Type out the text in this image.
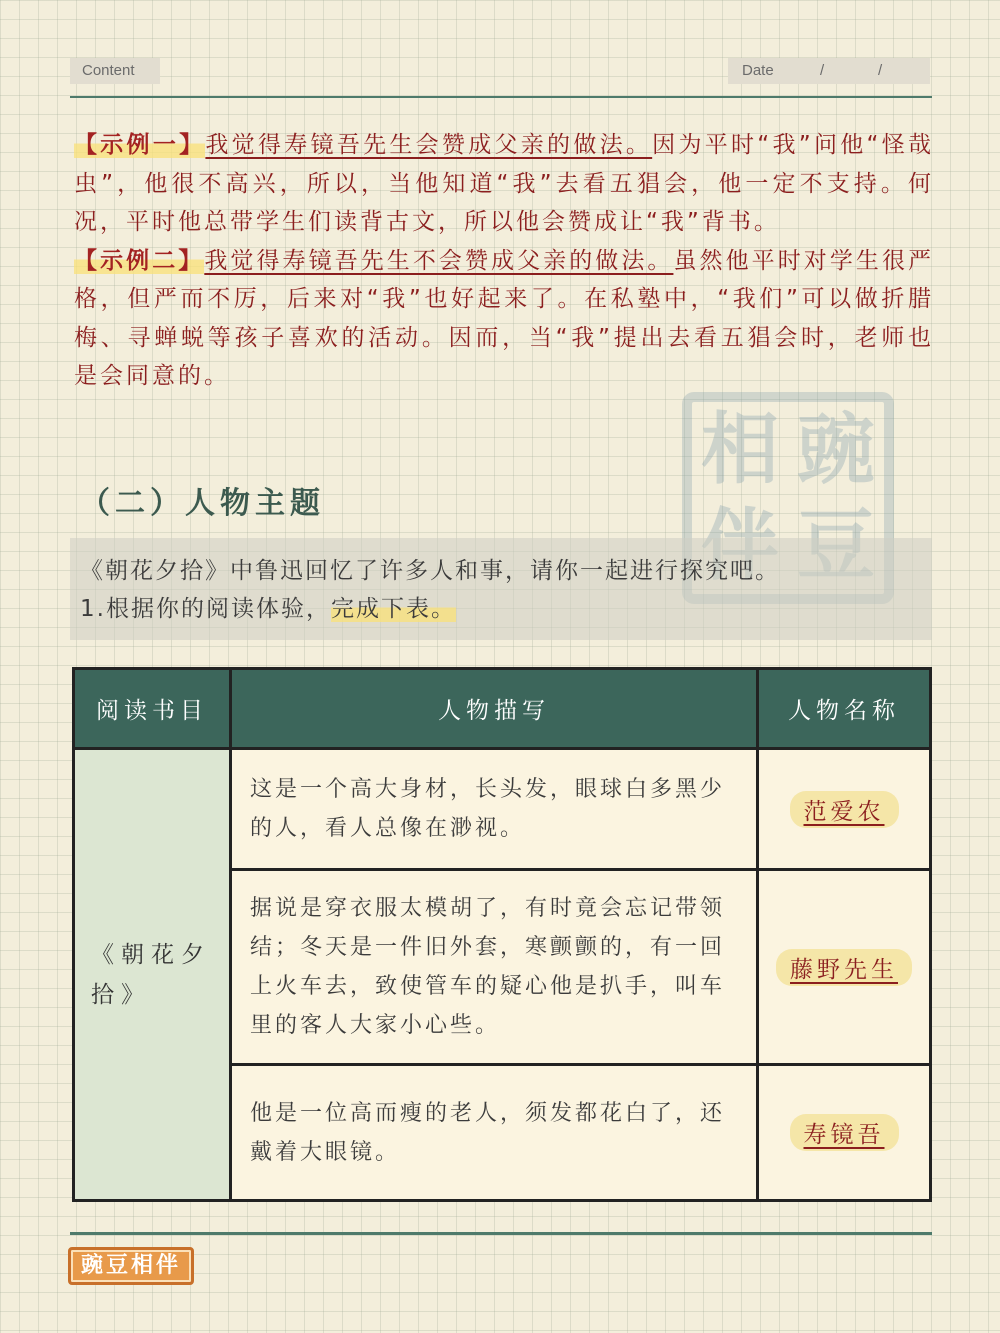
Content	Date	/	/

【示例一】我觉得寿镜吾先生会赞成父亲的做法。因为平时“我”问他“怪哉虫”，他很不高兴，所以，当他知道“我”去看五猖会，他一定不支持。何况，平时他总带学生们读背古文，所以他会赞成让“我”背书。

【示例二】我觉得寿镜吾先生不会赞成父亲的做法。虽然他平时对学生很严格，但严而不厉，后来对“我”也好起来了。在私塾中，“我们”可以做折腊梅、寻蝉蜕等孩子喜欢的活动。因而，当“我”提出去看五猖会时，老师也是会同意的。

相 豌
（二）人物主题
《朝花夕拾》中鲁迅回忆了许多人和事，请你一起进行探究吧。
1.根据你的阅读体验，完成下表。
阅读书目	人物描写	人物名称
《朝花夕拾》	这是一个高大身材，长头发，眼球白多黑少的人，看人总像在渺视。	范爱农
	据说是穿衣服太模胡了，有时竟会忘记带领结；冬天是一件旧外套，寒颤颤的，有一回上火车去，致使管车的疑心他是扒手，叫车里的客人大家小心些。	藤野先生
	他是一位高而瘦的老人，须发都花白了，还戴着大眼镜。	寿镜吾
豌豆相伴
